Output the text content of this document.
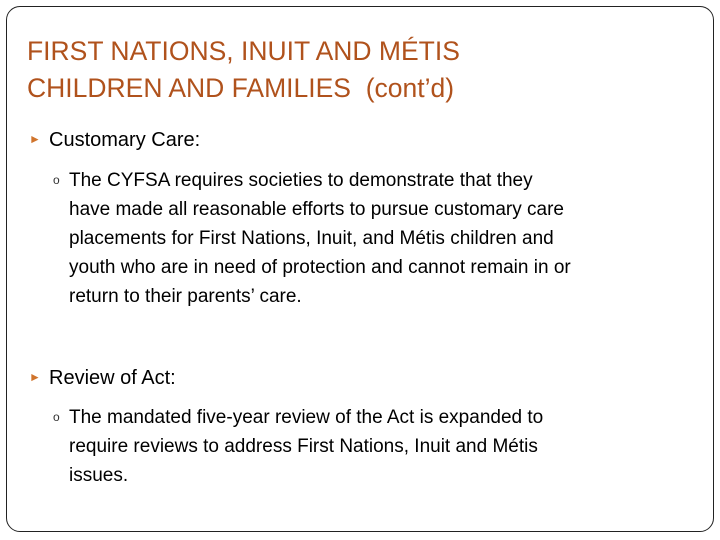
FIRST NATIONS, INUIT AND MÉTIS
CHILDREN AND FAMILIES  (cont’d)
► Customary Care:
o The CYFSA requires societies to demonstrate that they
have made all reasonable efforts to pursue customary care
placements for First Nations, Inuit, and Métis children and
youth who are in need of protection and cannot remain in or
return to their parents’ care.
► Review of Act:
o The mandated five-year review of the Act is expanded to
require reviews to address First Nations, Inuit and Métis
issues.
